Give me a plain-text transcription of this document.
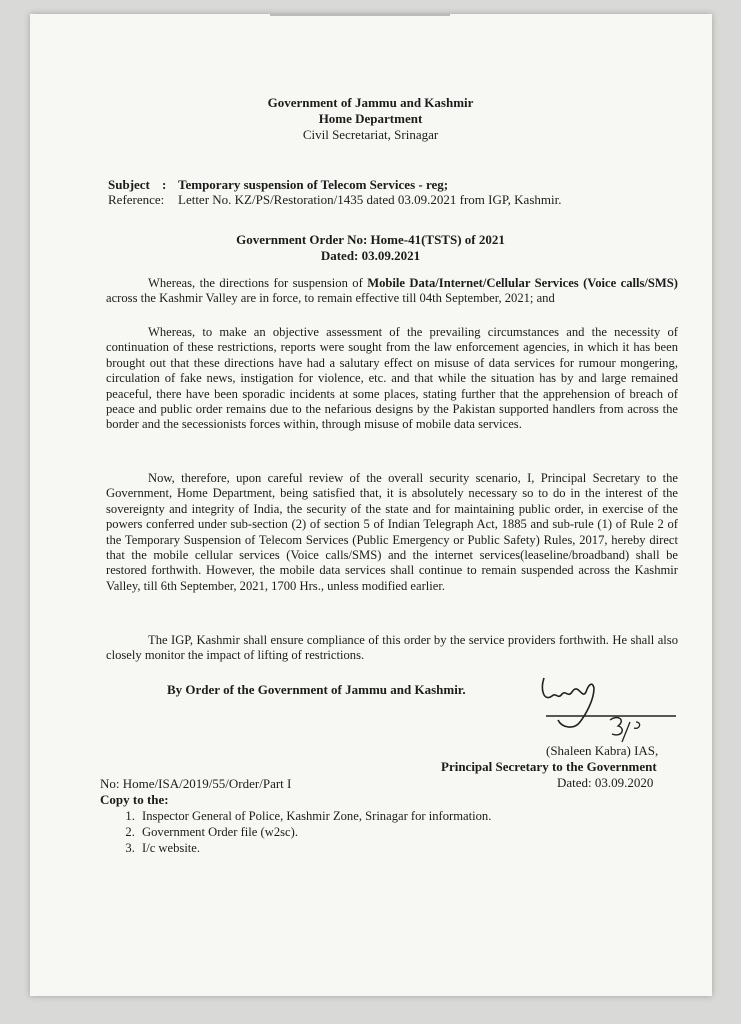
Government of Jammu and Kashmir
Home Department
Civil Secretariat, Srinagar
Subject : Temporary suspension of Telecom Services - reg;
Reference: Letter No. KZ/PS/Restoration/1435 dated 03.09.2021 from IGP, Kashmir.
Government Order No: Home-41(TSTS) of 2021
Dated: 03.09.2021
Whereas, the directions for suspension of Mobile Data/Internet/Cellular Services (Voice calls/SMS) across the Kashmir Valley are in force, to remain effective till 04th September, 2021; and
Whereas, to make an objective assessment of the prevailing circumstances and the necessity of continuation of these restrictions, reports were sought from the law enforcement agencies, in which it has been brought out that these directions have had a salutary effect on misuse of data services for rumour mongering, circulation of fake news, instigation for violence, etc. and that while the situation has by and large remained peaceful, there have been sporadic incidents at some places, stating further that the apprehension of breach of peace and public order remains due to the nefarious designs by the Pakistan supported handlers from across the border and the secessionists forces within, through misuse of mobile data services.
Now, therefore, upon careful review of the overall security scenario, I, Principal Secretary to the Government, Home Department, being satisfied that, it is absolutely necessary so to do in the interest of the sovereignty and integrity of India, the security of the state and for maintaining public order, in exercise of the powers conferred under sub-section (2) of section 5 of Indian Telegraph Act, 1885 and sub-rule (1) of Rule 2 of the Temporary Suspension of Telecom Services (Public Emergency or Public Safety) Rules, 2017, hereby direct that the mobile cellular services (Voice calls/SMS) and the internet services(leaseline/broadband) shall be restored forthwith. However, the mobile data services shall continue to remain suspended across the Kashmir Valley, till 6th September, 2021, 1700 Hrs., unless modified earlier.
The IGP, Kashmir shall ensure compliance of this order by the service providers forthwith. He shall also closely monitor the impact of lifting of restrictions.
By Order of the Government of Jammu and Kashmir.
(Shaleen Kabra) IAS,
Principal Secretary to the Government
Dated: 03.09.2020
No: Home/ISA/2019/55/Order/Part I
Copy to the:
1. Inspector General of Police, Kashmir Zone, Srinagar for information.
2. Government Order file (w2sc).
3. I/c website.
